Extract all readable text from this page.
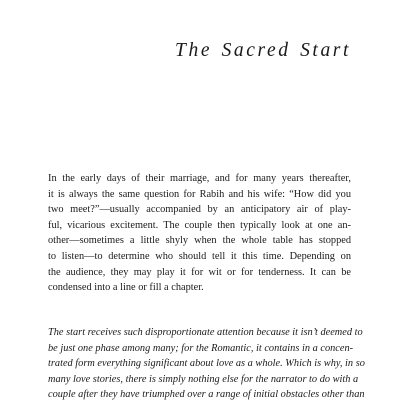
The Sacred Start
In the early days of their marriage, and for many years thereafter,
it is always the same question for Rabih and his wife: “How did you
two meet?”—usually accompanied by an anticipatory air of play-
ful, vicarious excitement. The couple then typically look at one an-
other—sometimes a little shyly when the whole table has stopped
to listen—to determine who should tell it this time. Depending on
the audience, they may play it for wit or for tenderness. It can be
condensed into a line or fill a chapter.
The start receives such disproportionate attention because it isn’t deemed to
be just one phase among many; for the Romantic, it contains in a concen-
trated form everything significant about love as a whole. Which is why, in so
many love stories, there is simply nothing else for the narrator to do with a
couple after they have triumphed over a range of initial obstacles other than
